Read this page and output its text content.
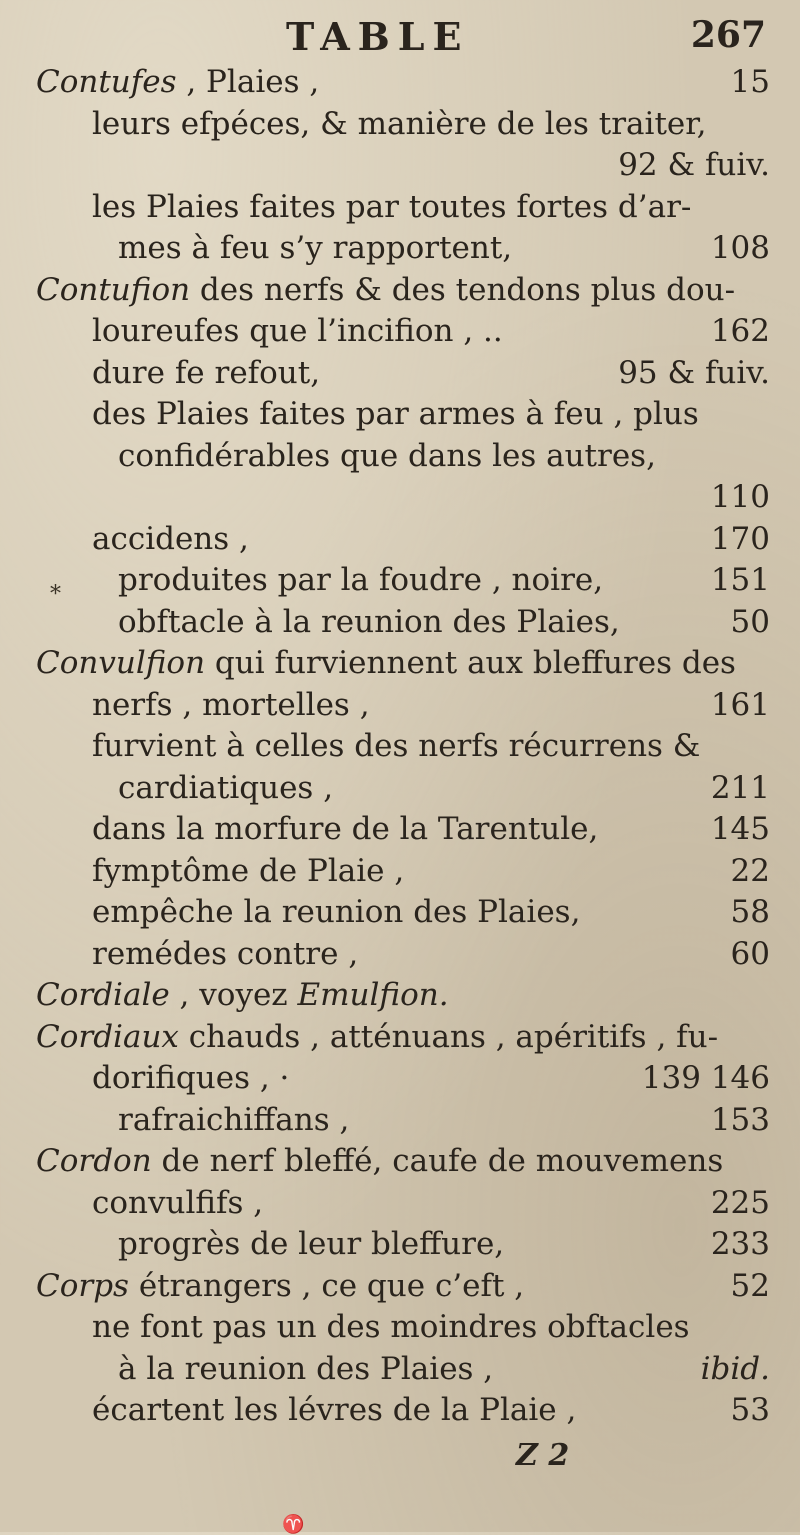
TABLE	267
*
Contufes , Plaies ,	15
leurs efpéces, & manière de les traiter,
92 & fuiv.
les Plaies faites par toutes fortes d’ar-
mes à feu s’y rapportent,	108
Contufion des nerfs & des tendons plus dou-
loureufes que l’incifion , ..	162
dure fe refout,	95 & fuiv.
des Plaies faites par armes à feu , plus
confidérables que dans les autres,
110
accidens ,	170
produites par la foudre , noire,	151
obftacle à la reunion des Plaies,	50
Convulfion qui furviennent aux bleffures des
nerfs , mortelles ,	161
furvient à celles des nerfs récurrens &
cardiatiques ,	211
dans la morfure de la Tarentule,	145
fymptôme de Plaie ,	22
empêche la reunion des Plaies,	58
remédes contre ,	60
Cordiale , voyez Emulfion.
Cordiaux chauds , atténuans , apéritifs , fu-
dorifiques , ·	139 146
rafraichiffans ,	153
Cordon de nerf bleffé, caufe de mouvemens
convulfifs ,	225
progrès de leur bleffure,	233
Corps étrangers , ce que c’eft ,	52
ne font pas un des moindres obftacles
à la reunion des Plaies ,	ibid.
écartent les lévres de la Plaie ,	53
Z 2
♈
